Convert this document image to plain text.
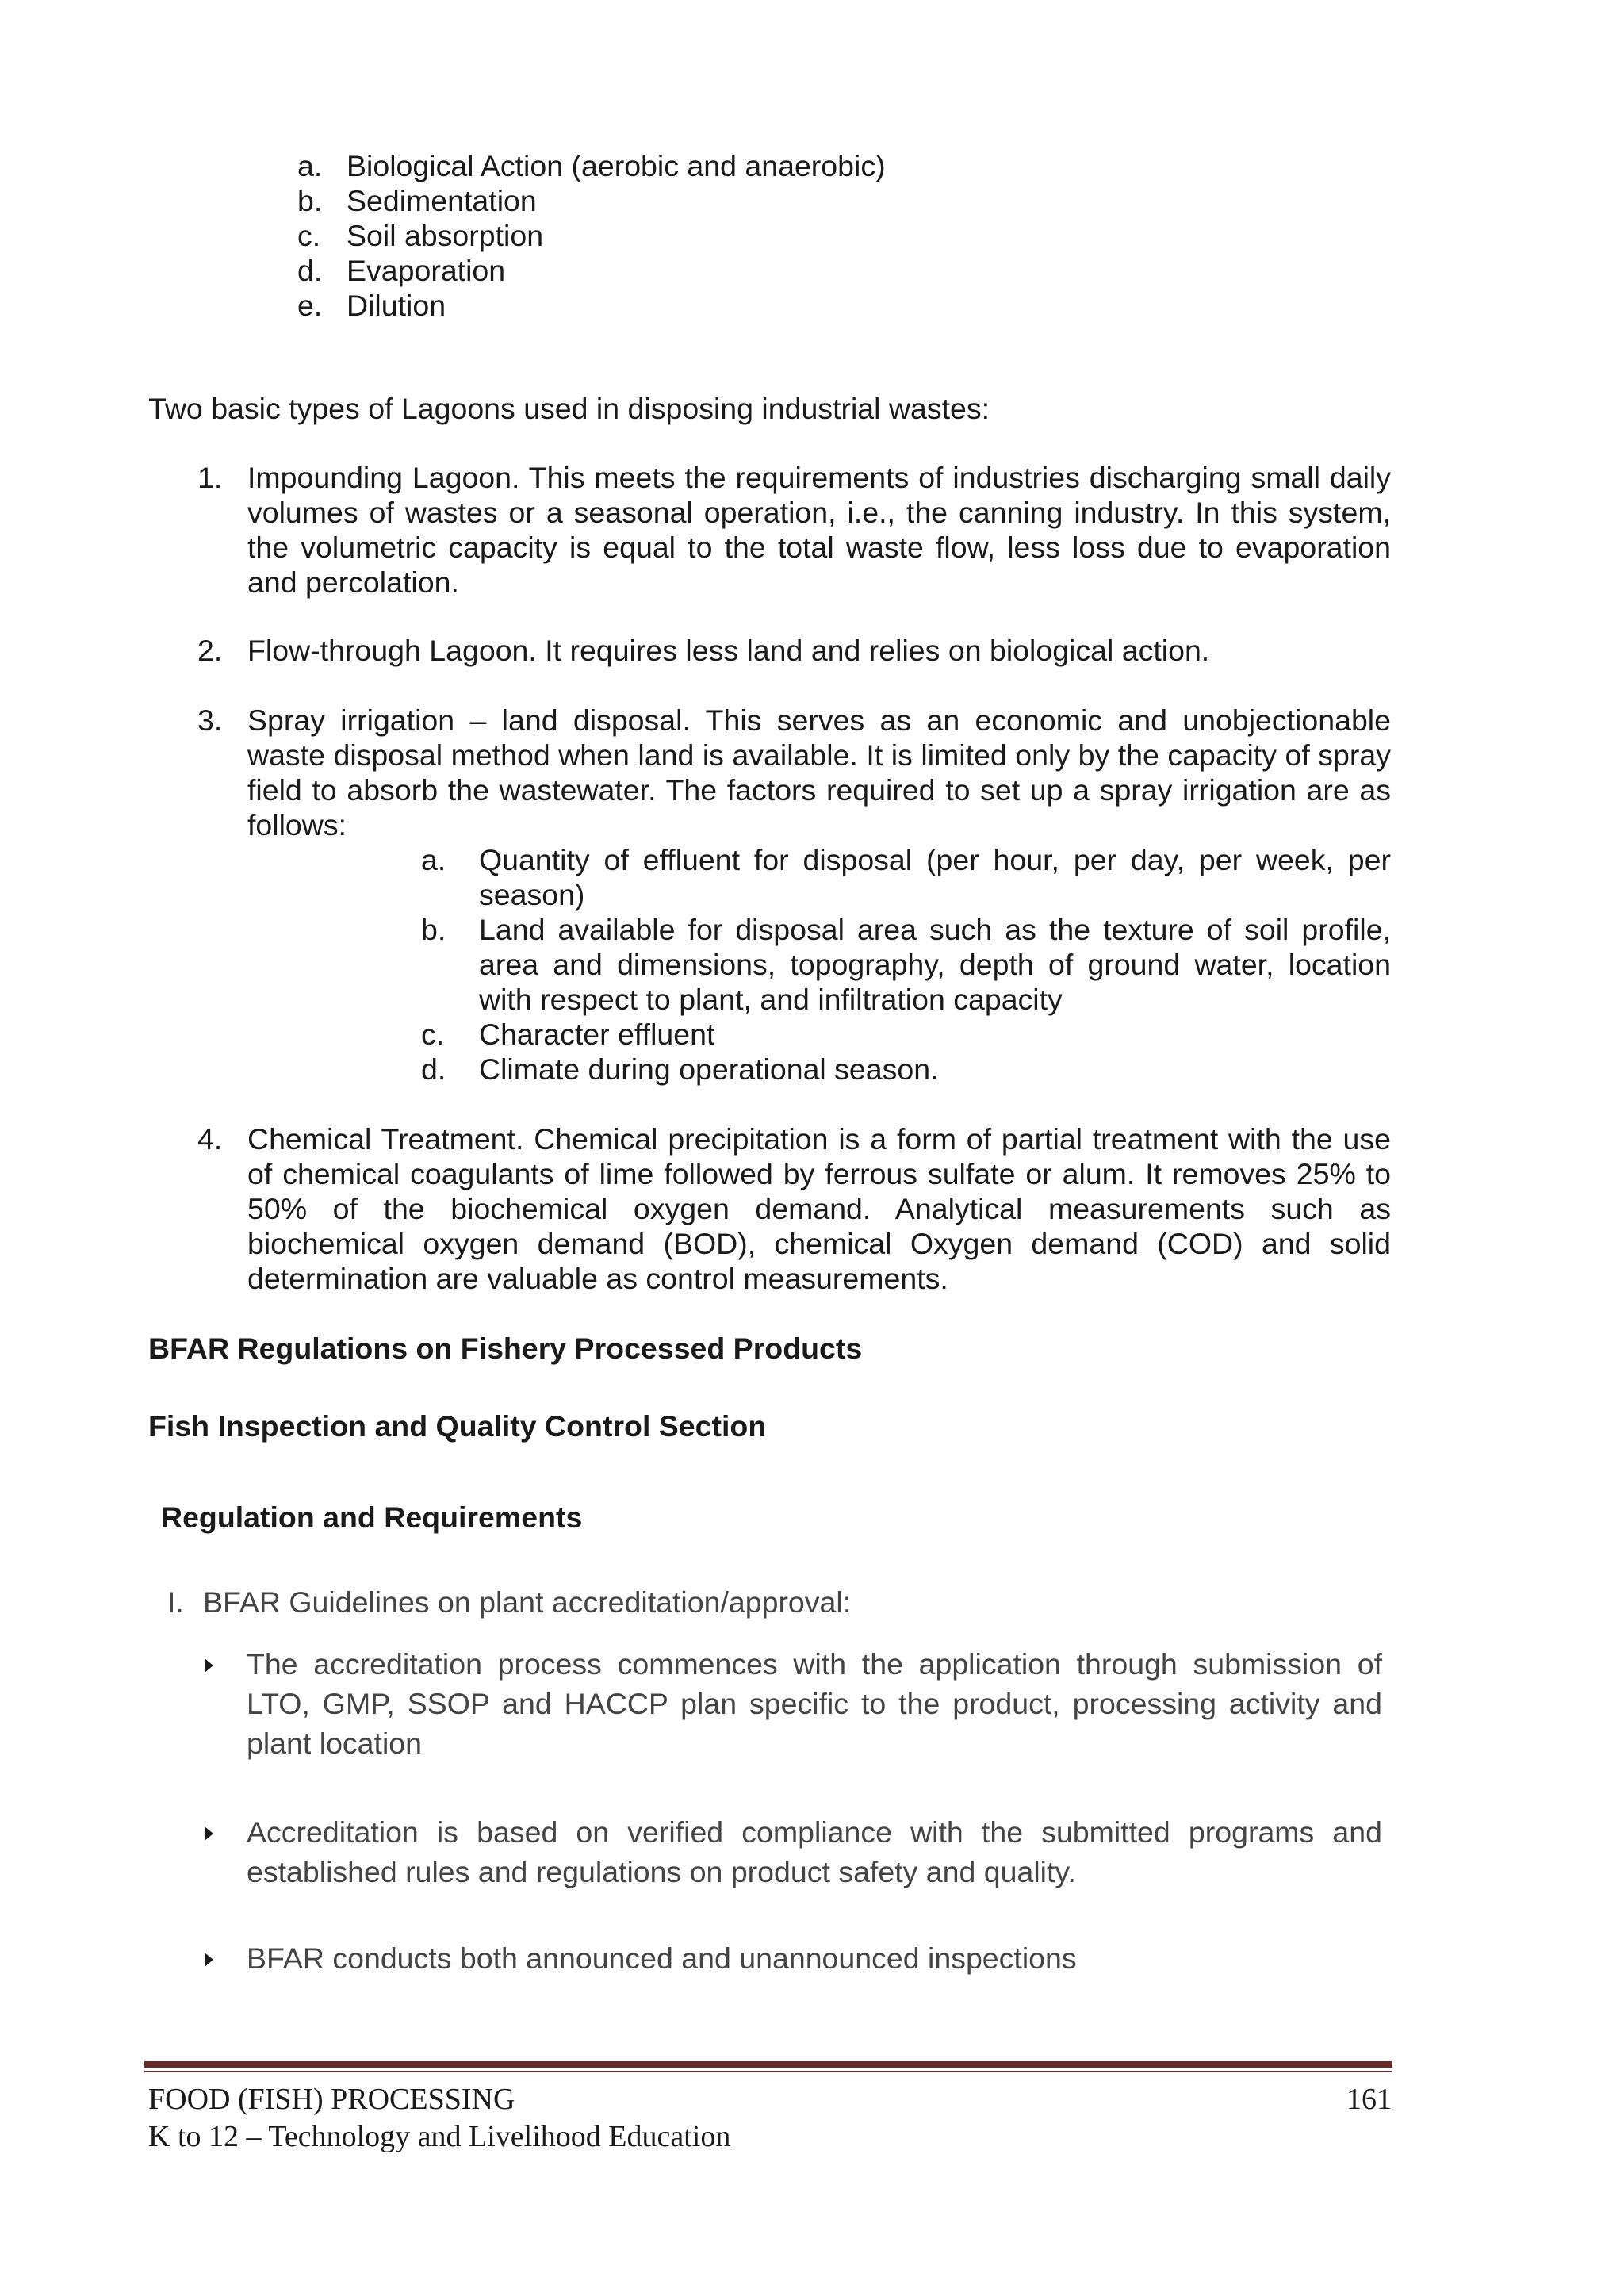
a. Biological Action (aerobic and anaerobic)
b. Sedimentation
c. Soil absorption
d. Evaporation
e. Dilution
Two basic types of Lagoons used in disposing industrial wastes:
1. Impounding Lagoon. This meets the requirements of industries discharging small daily volumes of wastes or a seasonal operation, i.e., the canning industry. In this system, the volumetric capacity is equal to the total waste flow, less loss due to evaporation and percolation.
2. Flow-through Lagoon. It requires less land and relies on biological action.
3. Spray irrigation – land disposal. This serves as an economic and unobjectionable waste disposal method when land is available. It is limited only by the capacity of spray field to absorb the wastewater. The factors required to set up a spray irrigation are as follows:
a. Quantity of effluent for disposal (per hour, per day, per week, per season)
b. Land available for disposal area such as the texture of soil profile, area and dimensions, topography, depth of ground water, location with respect to plant, and infiltration capacity
c. Character effluent
d. Climate during operational season.
4. Chemical Treatment. Chemical precipitation is a form of partial treatment with the use of chemical coagulants of lime followed by ferrous sulfate or alum. It removes 25% to 50% of the biochemical oxygen demand. Analytical measurements such as biochemical oxygen demand (BOD), chemical Oxygen demand (COD) and solid determination are valuable as control measurements.
BFAR Regulations on Fishery Processed Products
Fish Inspection and Quality Control Section
Regulation and Requirements
I. BFAR Guidelines on plant accreditation/approval:
The accreditation process commences with the application through submission of LTO, GMP, SSOP and HACCP plan specific to the product, processing activity and plant location
Accreditation is based on verified compliance with the submitted programs and established rules and regulations on product safety and quality.
BFAR conducts both announced and unannounced inspections
FOOD (FISH) PROCESSING	161
K to 12 – Technology and Livelihood Education
